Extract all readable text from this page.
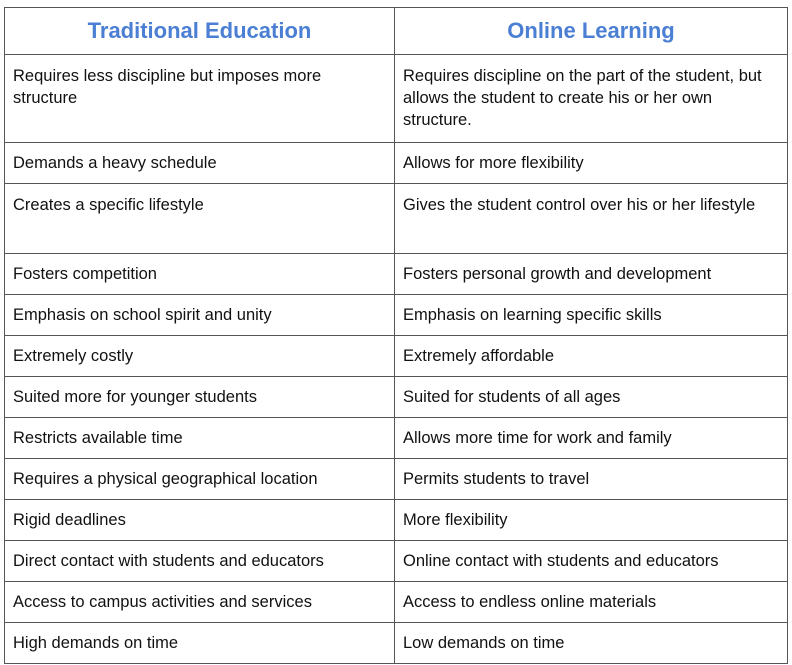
Traditional Education	Online Learning
Requires less discipline but imposes more structure	Requires discipline on the part of the student, but allows the student to create his or her own structure.
Demands a heavy schedule	Allows for more flexibility
Creates a specific lifestyle	Gives the student control over his or her lifestyle
Fosters competition	Fosters personal growth and development
Emphasis on school spirit and unity	Emphasis on learning specific skills
Extremely costly	Extremely affordable
Suited more for younger students	Suited for students of all ages
Restricts available time	Allows more time for work and family
Requires a physical geographical location	Permits students to travel
Rigid deadlines	More flexibility
Direct contact with students and educators	Online contact with students and educators
Access to campus activities and services	Access to endless online materials
High demands on time	Low demands on time
